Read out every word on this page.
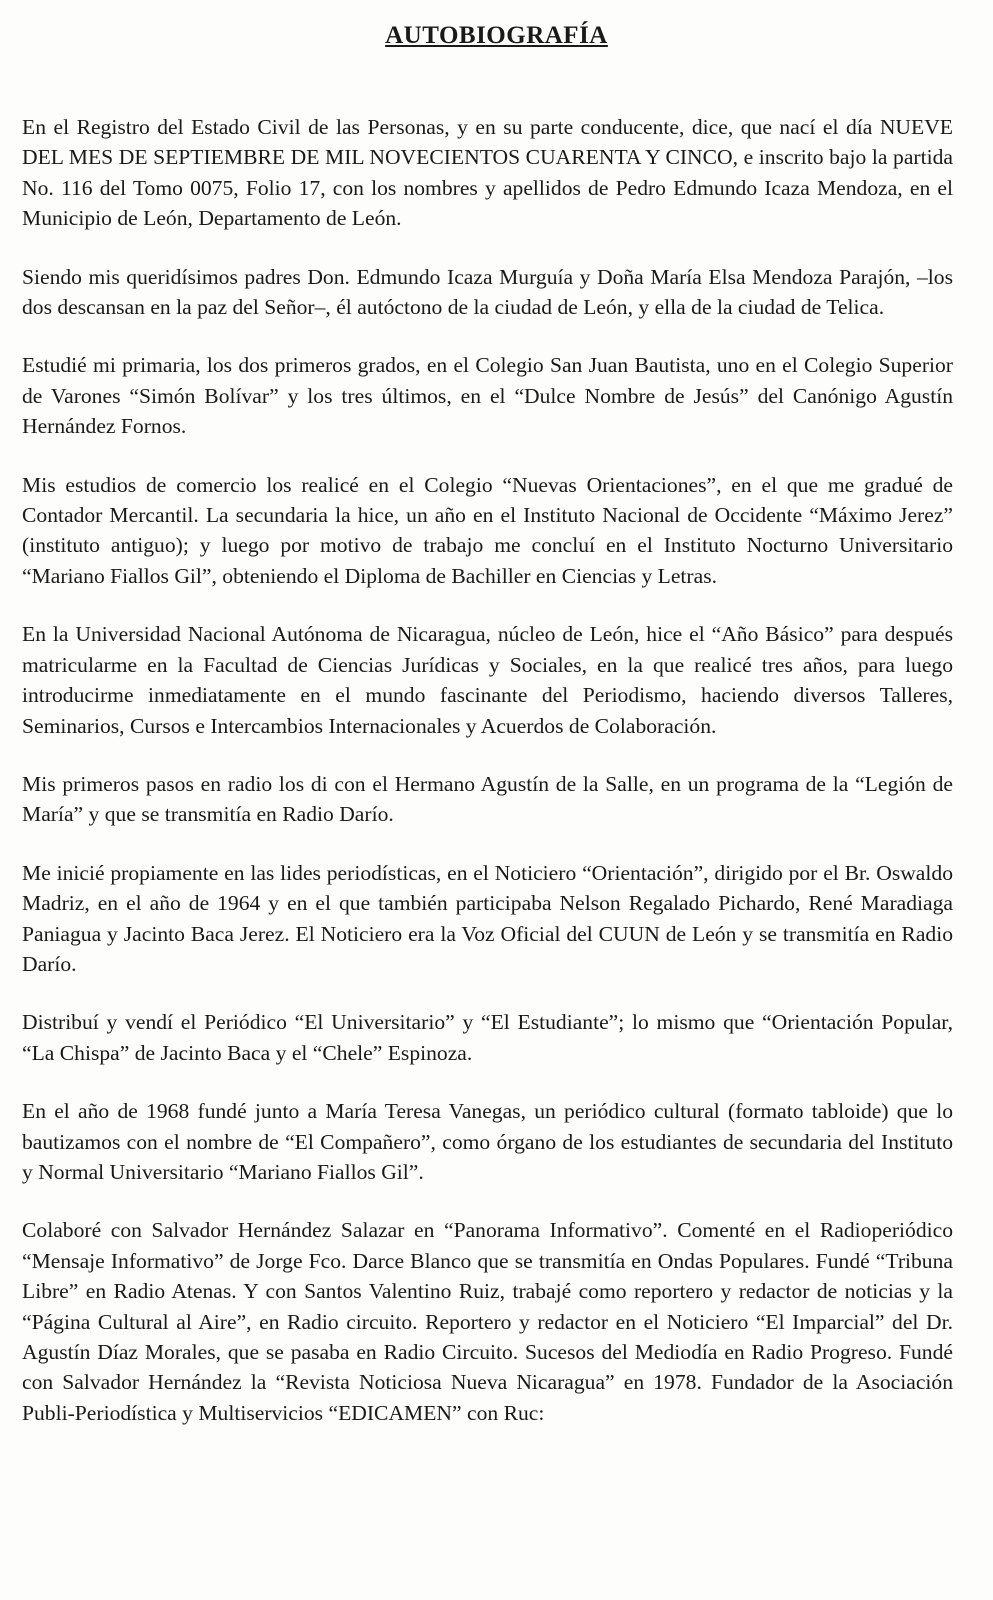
AUTOBIOGRAFÍA

En el Registro del Estado Civil de las Personas, y en su parte conducente, dice, que nací el día NUEVE DEL MES DE SEPTIEMBRE DE MIL NOVECIENTOS CUARENTA Y CINCO, e inscrito bajo la partida No. 116 del Tomo 0075, Folio 17, con los nombres y apellidos de Pedro Edmundo Icaza Mendoza, en el Municipio de León, Departamento de León.

Siendo mis queridísimos padres Don. Edmundo Icaza Murguía y Doña María Elsa Mendoza Parajón, –los dos descansan en la paz del Señor–, él autóctono de la ciudad de León, y ella de la ciudad de Telica.

Estudié mi primaria, los dos primeros grados, en el Colegio San Juan Bautista, uno en el Colegio Superior de Varones “Simón Bolívar” y los tres últimos, en el “Dulce Nombre de Jesús” del Canónigo Agustín Hernández Fornos.

Mis estudios de comercio los realicé en el Colegio “Nuevas Orientaciones”, en el que me gradué de Contador Mercantil. La secundaria la hice, un año en el Instituto Nacional de Occidente “Máximo Jerez” (instituto antiguo); y luego por motivo de trabajo me concluí en el Instituto Nocturno Universitario “Mariano Fiallos Gil”, obteniendo el Diploma de Bachiller en Ciencias y Letras.

En la Universidad Nacional Autónoma de Nicaragua, núcleo de León, hice el “Año Básico” para después matricularme en la Facultad de Ciencias Jurídicas y Sociales, en la que realicé tres años, para luego introducirme inmediatamente en el mundo fascinante del Periodismo, haciendo diversos Talleres, Seminarios, Cursos e Intercambios Internacionales y Acuerdos de Colaboración.

Mis primeros pasos en radio los di con el Hermano Agustín de la Salle, en un programa de la “Legión de María” y que se transmitía en Radio Darío.

Me inicié propiamente en las lides periodísticas, en el Noticiero “Orientación”, dirigido por el Br. Oswaldo Madriz, en el año de 1964 y en el que también participaba Nelson Regalado Pichardo, René Maradiaga Paniagua y Jacinto Baca Jerez. El Noticiero era la Voz Oficial del CUUN de León y se transmitía en Radio Darío.

Distribuí y vendí el Periódico “El Universitario” y “El Estudiante”; lo mismo que “Orientación Popular, “La Chispa” de Jacinto Baca y el “Chele” Espinoza.

En el año de 1968 fundé junto a María Teresa Vanegas, un periódico cultural (formato tabloide) que lo bautizamos con el nombre de “El Compañero”, como órgano de los estudiantes de secundaria del Instituto y Normal Universitario “Mariano Fiallos Gil”.

Colaboré con Salvador Hernández Salazar en “Panorama Informativo”. Comenté en el Radioperiódico “Mensaje Informativo” de Jorge Fco. Darce Blanco que se transmitía en Ondas Populares. Fundé “Tribuna Libre” en Radio Atenas. Y con Santos Valentino Ruiz, trabajé como reportero y redactor de noticias y la “Página Cultural al Aire”, en Radio circuito. Reportero y redactor en el Noticiero “El Imparcial” del Dr. Agustín Díaz Morales, que se pasaba en Radio Circuito. Sucesos del Mediodía en Radio Progreso. Fundé con Salvador Hernández la “Revista Noticiosa Nueva Nicaragua” en 1978. Fundador de la Asociación Publi-Periodística y Multiservicios “EDICAMEN” con Ruc:
